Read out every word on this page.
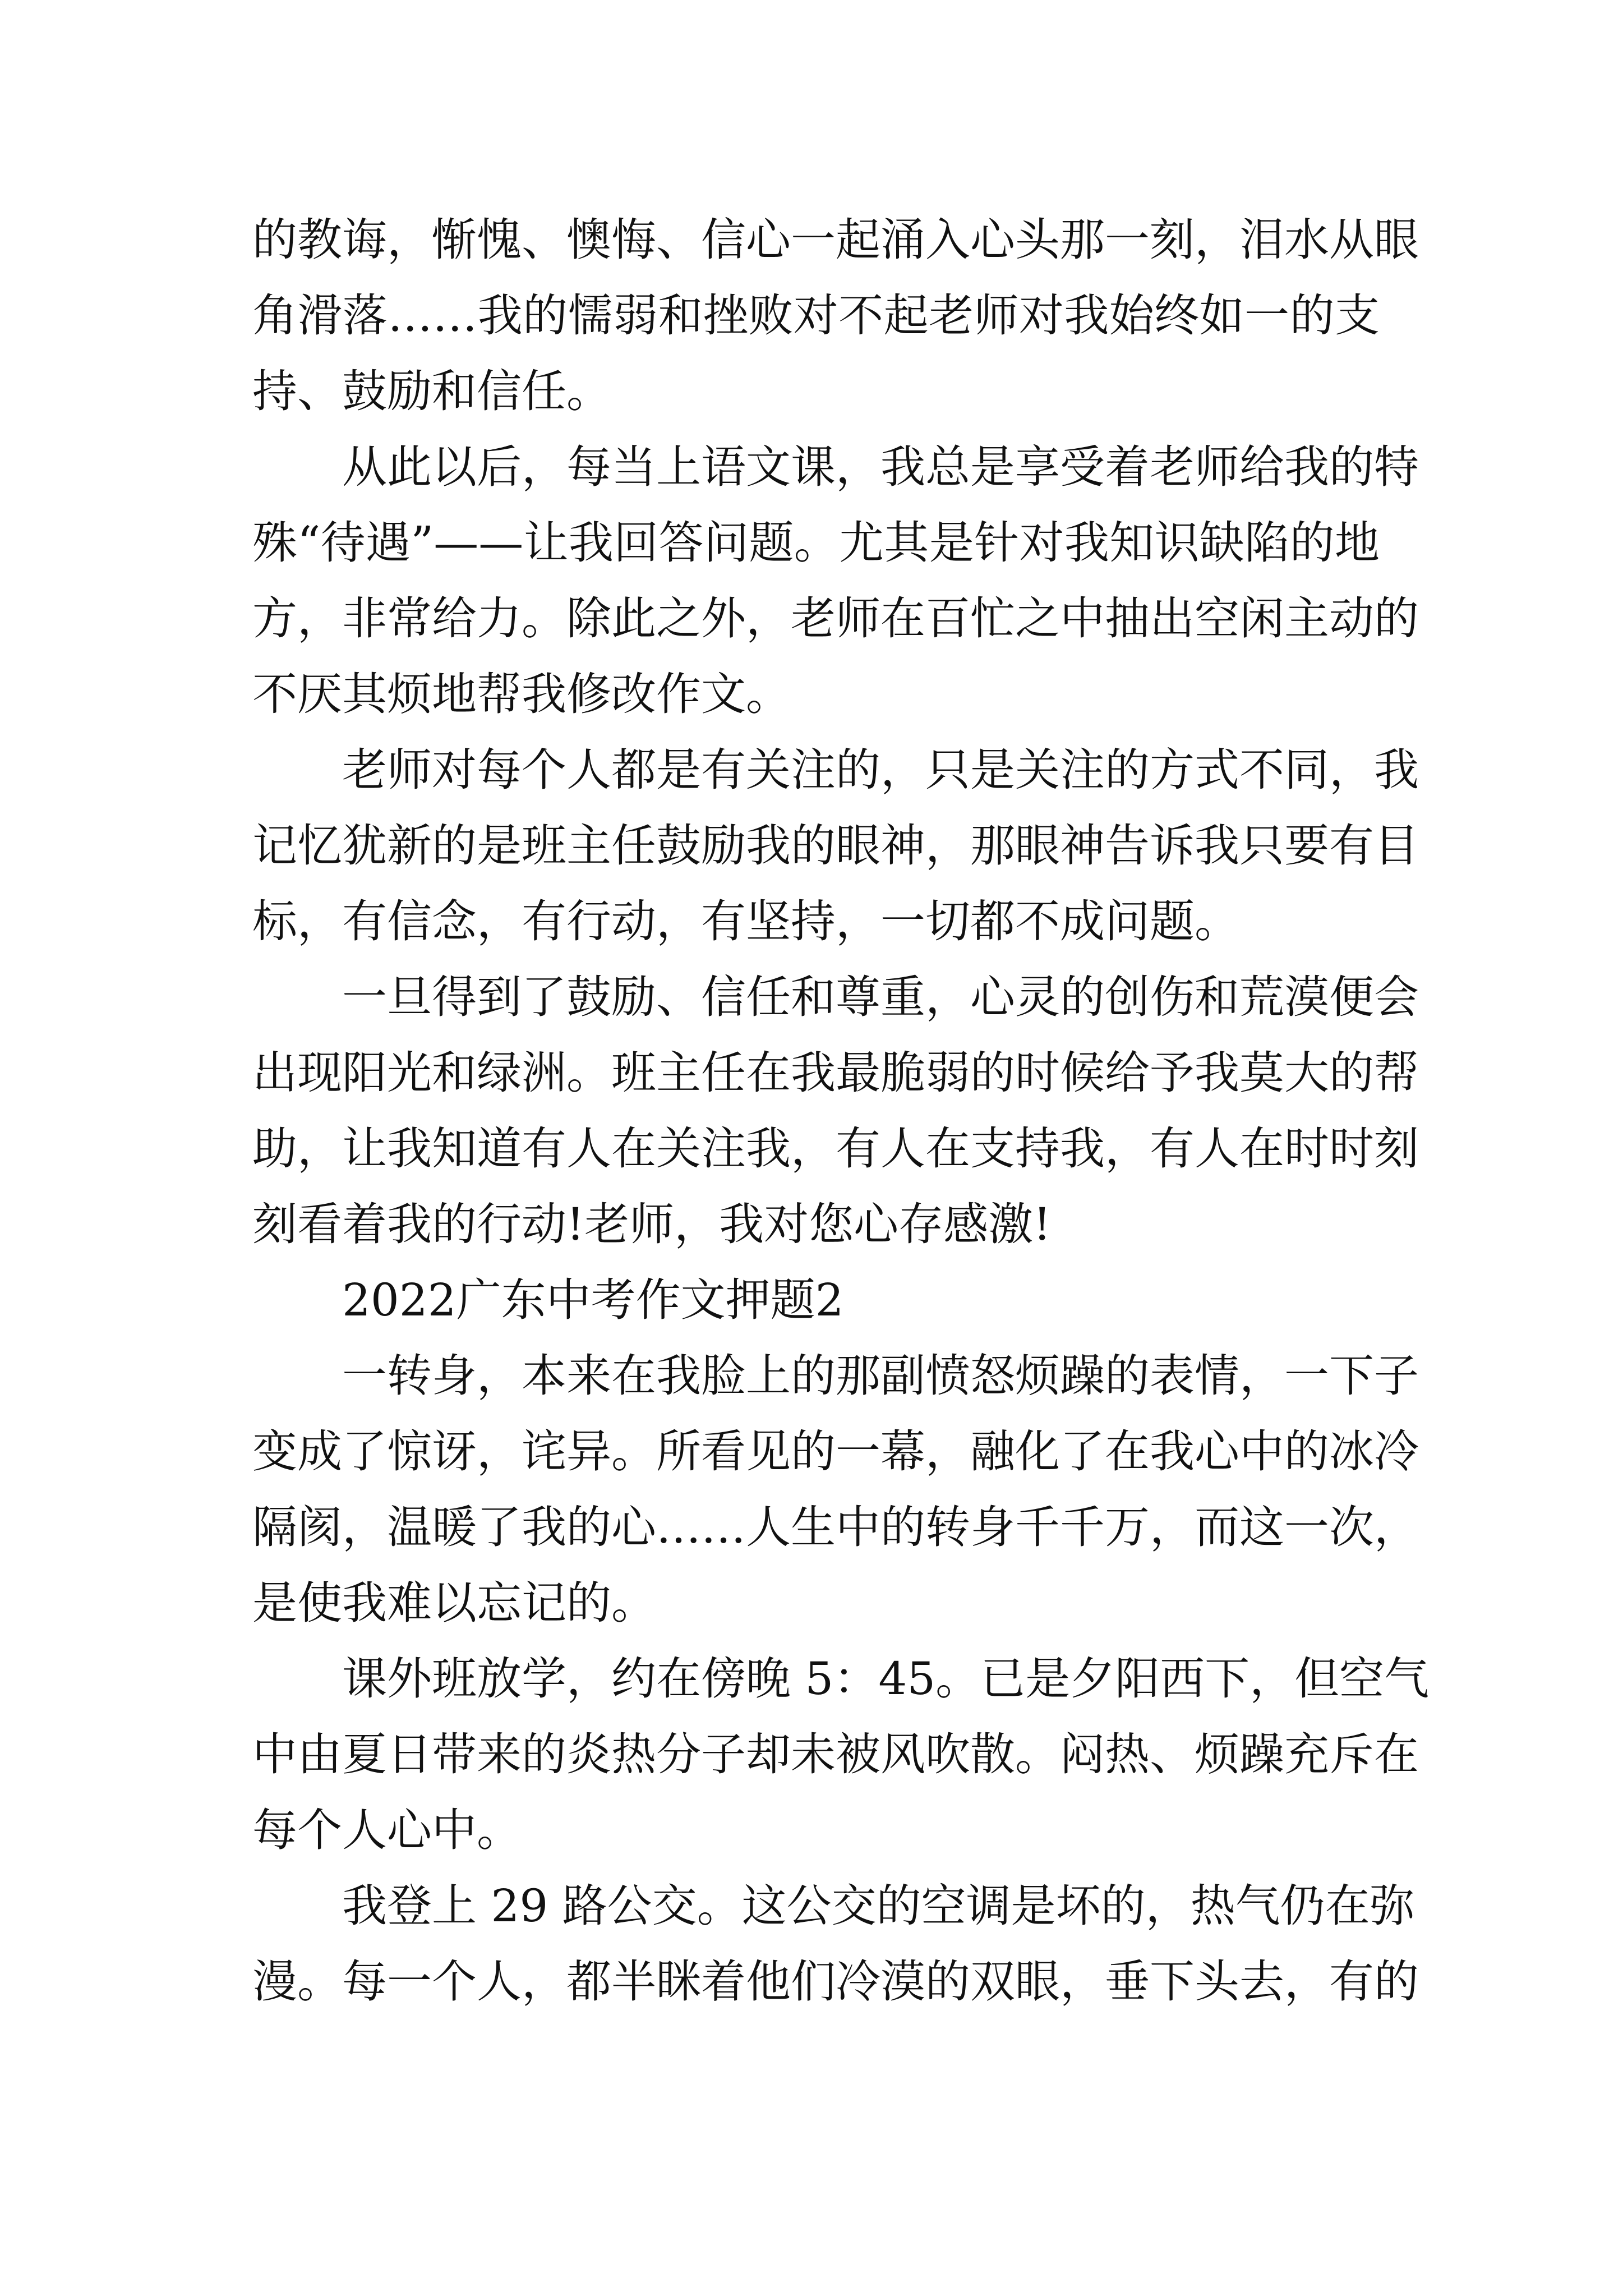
的教诲，惭愧、懊悔、信心一起涌入心头那一刻，泪水从眼
角滑落……我的懦弱和挫败对不起老师对我始终如一的支
持、鼓励和信任。
从此以后，每当上语文课，我总是享受着老师给我的特
殊“待遇”——让我回答问题。尤其是针对我知识缺陷的地
方，非常给力。除此之外，老师在百忙之中抽出空闲主动的
不厌其烦地帮我修改作文。
老师对每个人都是有关注的，只是关注的方式不同，我
记忆犹新的是班主任鼓励我的眼神，那眼神告诉我只要有目
标，有信念，有行动，有坚持，一切都不成问题。
一旦得到了鼓励、信任和尊重，心灵的创伤和荒漠便会
出现阳光和绿洲。班主任在我最脆弱的时候给予我莫大的帮
助，让我知道有人在关注我，有人在支持我，有人在时时刻
刻看着我的行动!老师，我对您心存感激!
2022广东中考作文押题2
一转身，本来在我脸上的那副愤怒烦躁的表情，一下子
变成了惊讶，诧异。所看见的一幕，融化了在我心中的冰冷
隔阂，温暖了我的心……人生中的转身千千万，而这一次，
是使我难以忘记的。
课外班放学，约在傍晚 5：45。已是夕阳西下，但空气
中由夏日带来的炎热分子却未被风吹散。闷热、烦躁充斥在
每个人心中。
我登上 29 路公交。这公交的空调是坏的，热气仍在弥
漫。每一个人，都半眯着他们冷漠的双眼，垂下头去，有的
